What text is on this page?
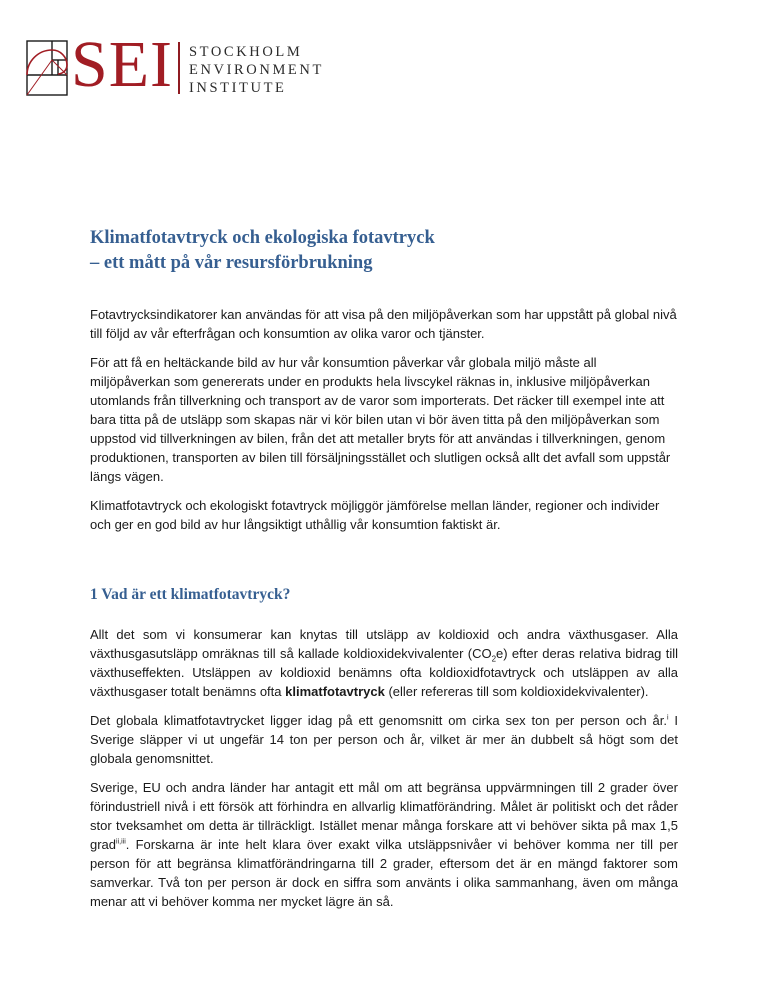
SEI STOCKHOLM
ENVIRONMENT
INSTITUTE
Klimatfotavtryck och ekologiska fotavtryck
– ett mått på vår resursförbrukning

Fotavtrycksindikatorer kan användas för att visa på den miljöpåverkan som har uppstått på global nivå till följd av vår efterfrågan och konsumtion av olika varor och tjänster.

För att få en heltäckande bild av hur vår konsumtion påverkar vår globala miljö måste all miljöpåverkan som genererats under en produkts hela livscykel räknas in, inklusive miljöpåverkan utomlands från tillverkning och transport av de varor som importerats. Det räcker till exempel inte att bara titta på de utsläpp som skapas när vi kör bilen utan vi bör även titta på den miljöpåverkan som uppstod vid tillverkningen av bilen, från det att metaller bryts för att användas i tillverkningen, genom produktionen, transporten av bilen till försäljningsstället och slutligen också allt det avfall som uppstår längs vägen.

Klimatfotavtryck och ekologiskt fotavtryck möjliggör jämförelse mellan länder, regioner och individer och ger en god bild av hur långsiktigt uthållig vår konsumtion faktiskt är.

1 Vad är ett klimatfotavtryck?

Allt det som vi konsumerar kan knytas till utsläpp av koldioxid och andra växthusgaser. Alla växthusgasutsläpp omräknas till så kallade koldioxidekvivalenter $(CO_2e)$ efter deras relativa bidrag till växthuseffekten. Utsläppen av koldioxid benämns ofta koldioxidfotavtryck och utsläppen av alla växthusgaser totalt benämns ofta klimatfotavtryck (eller refereras till som koldioxidekvivalenter).

Det globala klimatfotavtrycket ligger idag på ett genomsnitt om cirka sex ton per person och år.$^i$ I Sverige släpper vi ut ungefär 14 ton per person och år, vilket är mer än dubbelt så högt som det globala genomsnittet.

Sverige, EU och andra länder har antagit ett mål om att begränsa uppvärmningen till 2 grader över förindustriell nivå i ett försök att förhindra en allvarlig klimatförändring. Målet är politiskt och det råder stor tveksamhet om detta är tillräckligt. Istället menar många forskare att vi behöver sikta på max 1,5 grad$^{ii,iii}$. Forskarna är inte helt klara över exakt vilka utsläppsnivåer vi behöver komma ner till per person för att begränsa klimatförändringarna till 2 grader, eftersom det är en mängd faktorer som samverkar. Två ton per person är dock en siffra som använts i olika sammanhang, även om många menar att vi behöver komma ner mycket lägre än så.
